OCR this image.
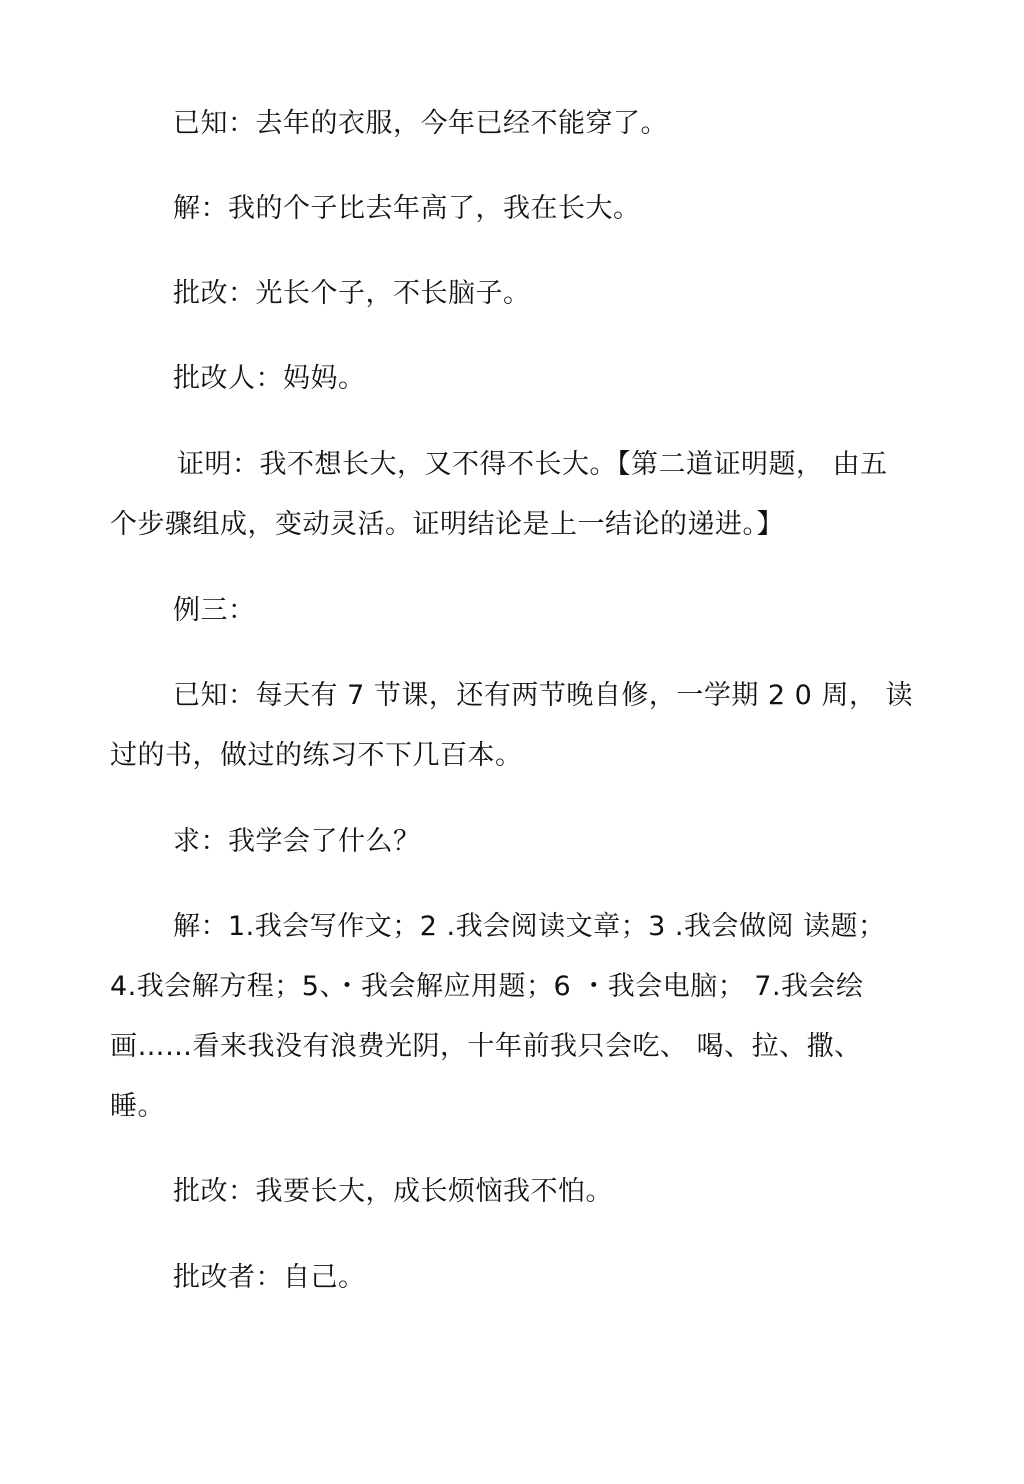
已知：去年的衣服，今年已经不能穿了。
解：我的个子比去年高了，我在长大。
批改：光长个子，不长脑子。
批改人：妈妈。
证明：我不想长大，又不得不长大。【第二道证明题， 由五
个步骤组成，变动灵活。证明结论是上一结论的递进。】
例三：
已知：每天有 7 节课，还有两节晚自修，一学期 2 0 周， 读
过的书，做过的练习不下几百本。
求：我学会了什么？
解：1.我会写作文；2 .我会阅读文章；3 .我会做阅 读题；
4.我会解方程；5、・我会解应用题；6 ・我会电脑； 7.我会绘
画……看来我没有浪费光阴，十年前我只会吃、 喝、拉、撒、
睡。
批改：我要长大，成长烦恼我不怕。
批改者：自己。
